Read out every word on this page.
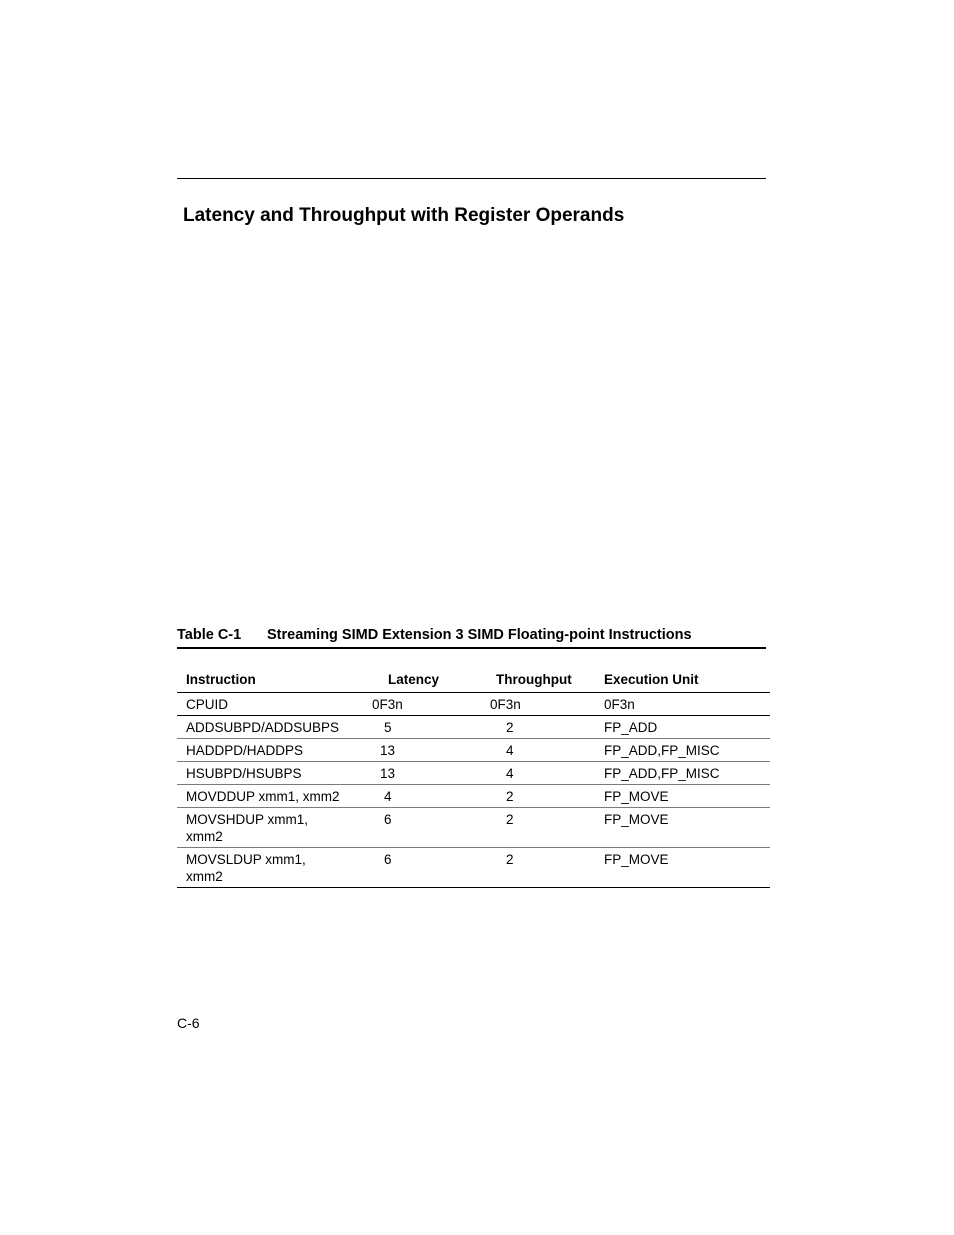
Latency and Throughput with Register Operands
Table C-1 Streaming SIMD Extension 3 SIMD Floating-point Instructions
Instruction Latency		Throughput	Execution Unit
CPUID	0F3n	0F3n	0F3n
ADDSUBPD/ADDSUBPS	5	2	FP_ADD
HADDPD/HADDPS	13	4	FP_ADD,FP_MISC
HSUBPD/HSUBPS	13	4	FP_ADD,FP_MISC
MOVDDUP xmm1, xmm2	4	2	FP_MOVE
MOVSHDUP xmm1, xmm2	6	2	FP_MOVE
MOVSLDUP xmm1, xmm2	6	2	FP_MOVE
C-6
